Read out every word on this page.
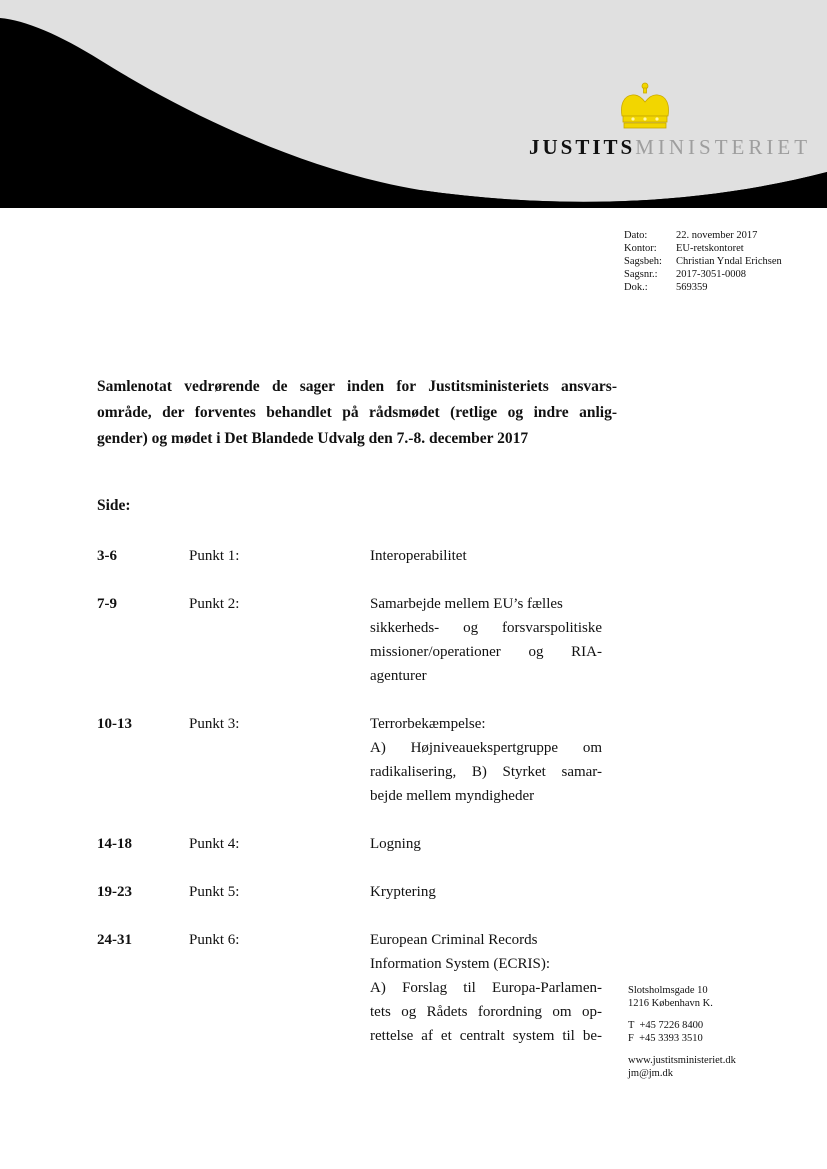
JUSTITSMINISTERIET
Dato:	22. november 2017
Kontor:	EU-retskontoret
Sagsbeh:	Christian Yndal Erichsen
Sagsnr.:	2017-3051-0008
Dok.:	569359
Samlenotat vedrørende de sager inden for Justitsministeriets ansvars-
område, der forventes behandlet på rådsmødet (retlige og indre anlig-
gender) og mødet i Det Blandede Udvalg den 7.-8. december 2017
Side:
3-6	Punkt 1:	Interoperabilitet
7-9	Punkt 2:	Samarbejde mellem EU’s fælles
sikkerheds- og forsvarspolitiske
missioner/operationer og RIA-
agenturer
10-13	Punkt 3:	Terrorbekæmpelse:
A) Højniveauekspertgruppe om
radikalisering, B) Styrket samar-
bejde mellem myndigheder
14-18	Punkt 4:	Logning
19-23	Punkt 5:	Kryptering
24-31	Punkt 6:	European Criminal Records
Information System (ECRIS):
A) Forslag til Europa-Parlamen-
tets og Rådets forordning om op-
rettelse af et centralt system til be-
Slotsholmsgade 10
1216 København K.
T  +45 7226 8400
F  +45 3393 3510
www.justitsministeriet.dk
jm@jm.dk
